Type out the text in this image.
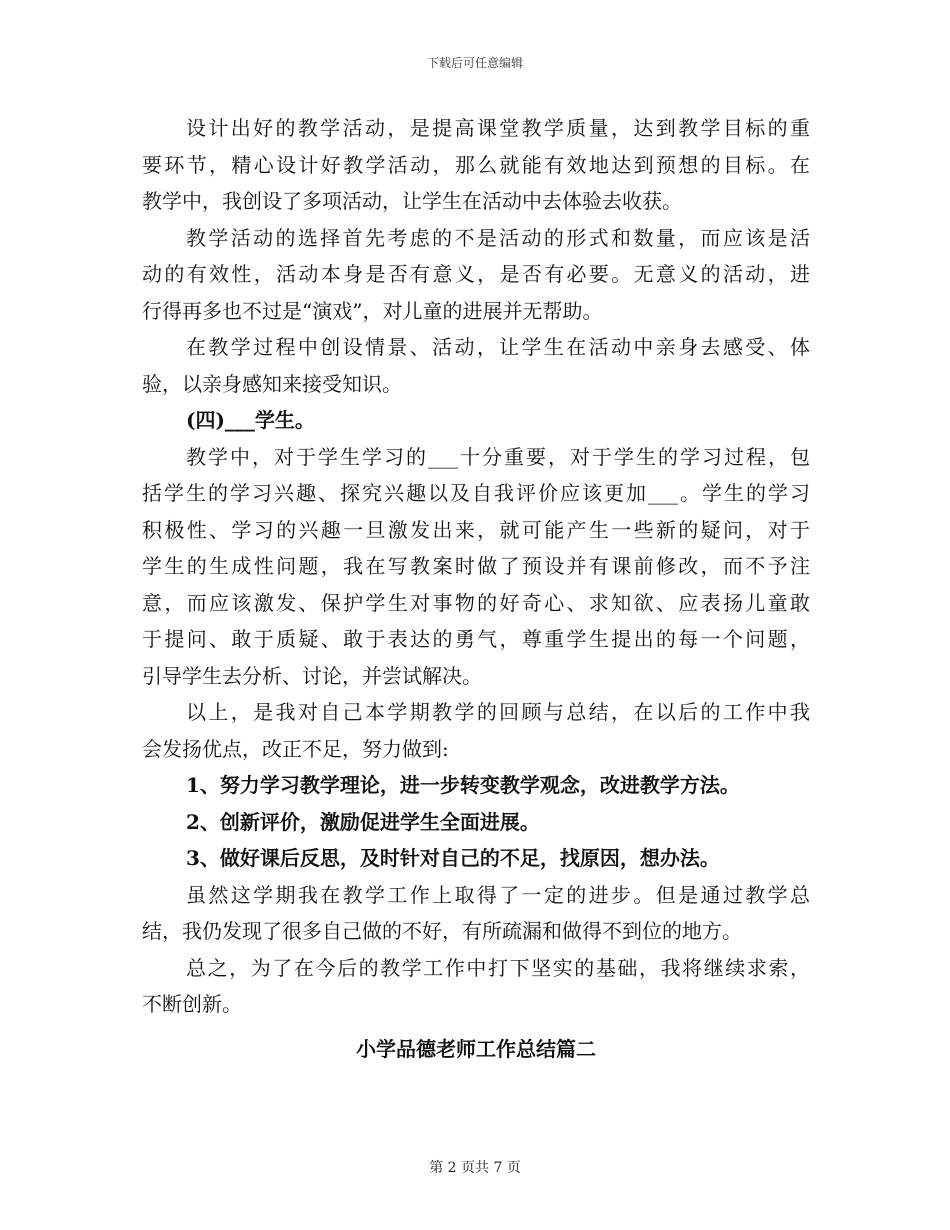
下载后可任意编辑
设计出好的教学活动，是提高课堂教学质量，达到教学目标的重
要环节，精心设计好教学活动，那么就能有效地达到预想的目标。在
教学中，我创设了多项活动，让学生在活动中去体验去收获。
教学活动的选择首先考虑的不是活动的形式和数量，而应该是活
动的有效性，活动本身是否有意义，是否有必要。无意义的活动，进
行得再多也不过是“演戏”，对儿童的进展并无帮助。
在教学过程中创设情景、活动，让学生在活动中亲身去感受、体
验，以亲身感知来接受知识。
(四)___学生。
教学中，对于学生学习的___十分重要，对于学生的学习过程，包
括学生的学习兴趣、探究兴趣以及自我评价应该更加___。学生的学习
积极性、学习的兴趣一旦激发出来，就可能产生一些新的疑问，对于
学生的生成性问题，我在写教案时做了预设并有课前修改，而不予注
意，而应该激发、保护学生对事物的好奇心、求知欲、应表扬儿童敢
于提问、敢于质疑、敢于表达的勇气，尊重学生提出的每一个问题，
引导学生去分析、讨论，并尝试解决。
以上，是我对自己本学期教学的回顾与总结，在以后的工作中我
会发扬优点，改正不足，努力做到:
1、努力学习教学理论，进一步转变教学观念，改进教学方法。
2、创新评价，激励促进学生全面进展。
3、做好课后反思，及时针对自己的不足，找原因，想办法。
虽然这学期我在教学工作上取得了一定的进步。但是通过教学总
结，我仍发现了很多自己做的不好，有所疏漏和做得不到位的地方。
总之，为了在今后的教学工作中打下坚实的基础，我将继续求索，
不断创新。
小学品德老师工作总结篇二
第 2 页共 7 页
